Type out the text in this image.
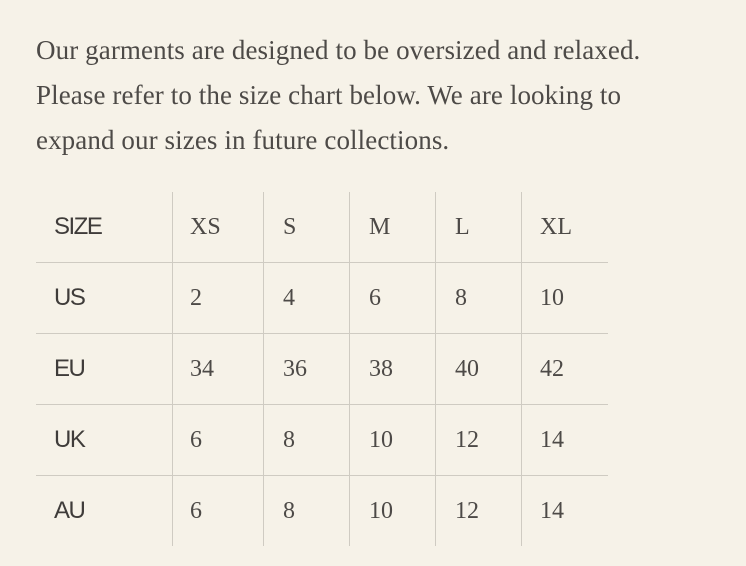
Our garments are designed to be oversized and relaxed.
Please refer to the size chart below. We are looking to
expand our sizes in future collections.

SIZE	XS	S	M	L	XL
US	2	4	6	8	10
EU	34	36	38	40	42
UK	6	8	10	12	14
AU	6	8	10	12	14
